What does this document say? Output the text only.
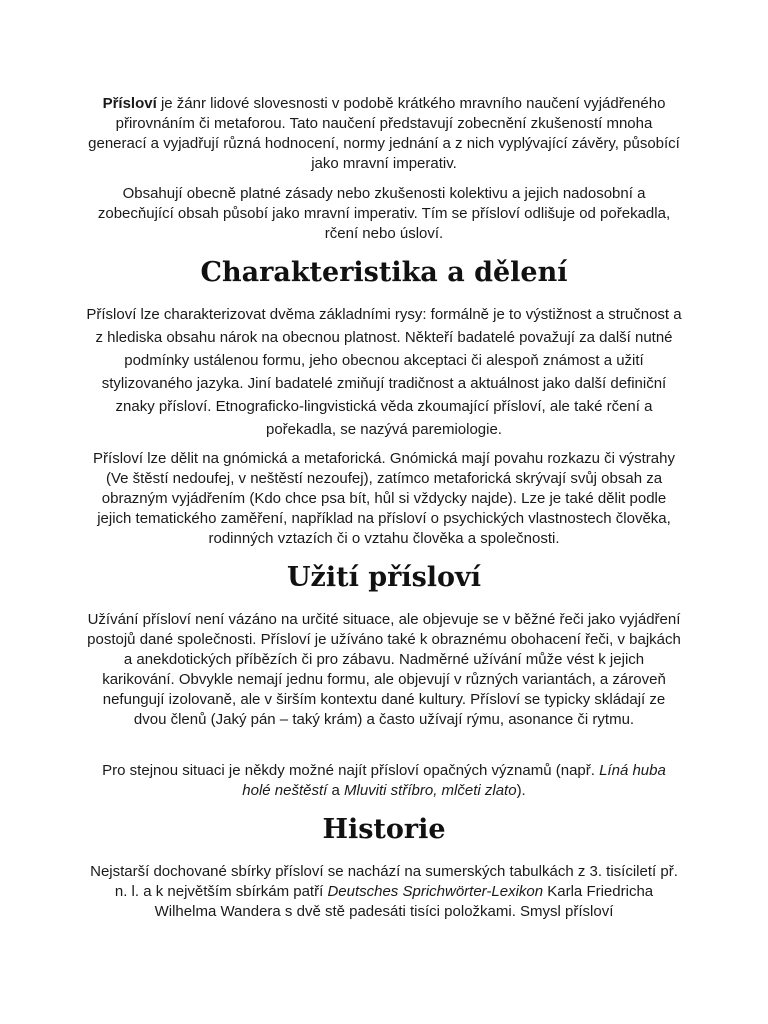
Přísloví je žánr lidové slovesnosti v podobě krátkého mravního naučení vyjádřeného přirovnáním či metaforou. Tato naučení představují zobecnění zkušeností mnoha generací a vyjadřují různá hodnocení, normy jednání a z nich vyplývající závěry, působící jako mravní imperativ.

Obsahují obecně platné zásady nebo zkušenosti kolektivu a jejich nadosobní a zobecňující obsah působí jako mravní imperativ. Tím se přísloví odlišuje od pořekadla, rčení nebo úsloví.

Charakteristika a dělení

Přísloví lze charakterizovat dvěma základními rysy: formálně je to výstižnost a stručnost a z hlediska obsahu nárok na obecnou platnost. Někteří badatelé považují za další nutné podmínky ustálenou formu, jeho obecnou akceptaci či alespoň známost a užití stylizovaného jazyka. Jiní badatelé zmiňují tradičnost a aktuálnost jako další definiční znaky přísloví. Etnograficko-lingvistická věda zkoumající přísloví, ale také rčení a pořekadla, se nazývá paremiologie.

Přísloví lze dělit na gnómická a metaforická. Gnómická mají povahu rozkazu či výstrahy (Ve štěstí nedoufej, v neštěstí nezoufej), zatímco metaforická skrývají svůj obsah za obrazným vyjádřením (Kdo chce psa bít, hůl si vždycky najde). Lze je také dělit podle jejich tematického zaměření, například na přísloví o psychických vlastnostech člověka, rodinných vztazích či o vztahu člověka a společnosti.

Užití přísloví

Užívání přísloví není vázáno na určité situace, ale objevuje se v běžné řeči jako vyjádření postojů dané společnosti. Přísloví je užíváno také k obraznému obohacení řeči, v bajkách a anekdotických příbězích či pro zábavu. Nadměrné užívání může vést k jejich karikování. Obvykle nemají jednu formu, ale objevují v různých variantách, a zároveň nefungují izolovaně, ale v širším kontextu dané kultury. Přísloví se typicky skládají ze dvou členů (Jaký pán – taký krám) a často užívají rýmu, asonance či rytmu.

Pro stejnou situaci je někdy možné najít přísloví opačných významů (např. Líná huba holé neštěstí a Mluviti stříbro, mlčeti zlato).

Historie

Nejstarší dochované sbírky přísloví se nachází na sumerských tabulkách z 3. tisíciletí př. n. l. a k největším sbírkám patří Deutsches Sprichwörter-Lexikon Karla Friedricha Wilhelma Wandera s dvě stě padesáti tisíci položkami. Smysl přísloví
